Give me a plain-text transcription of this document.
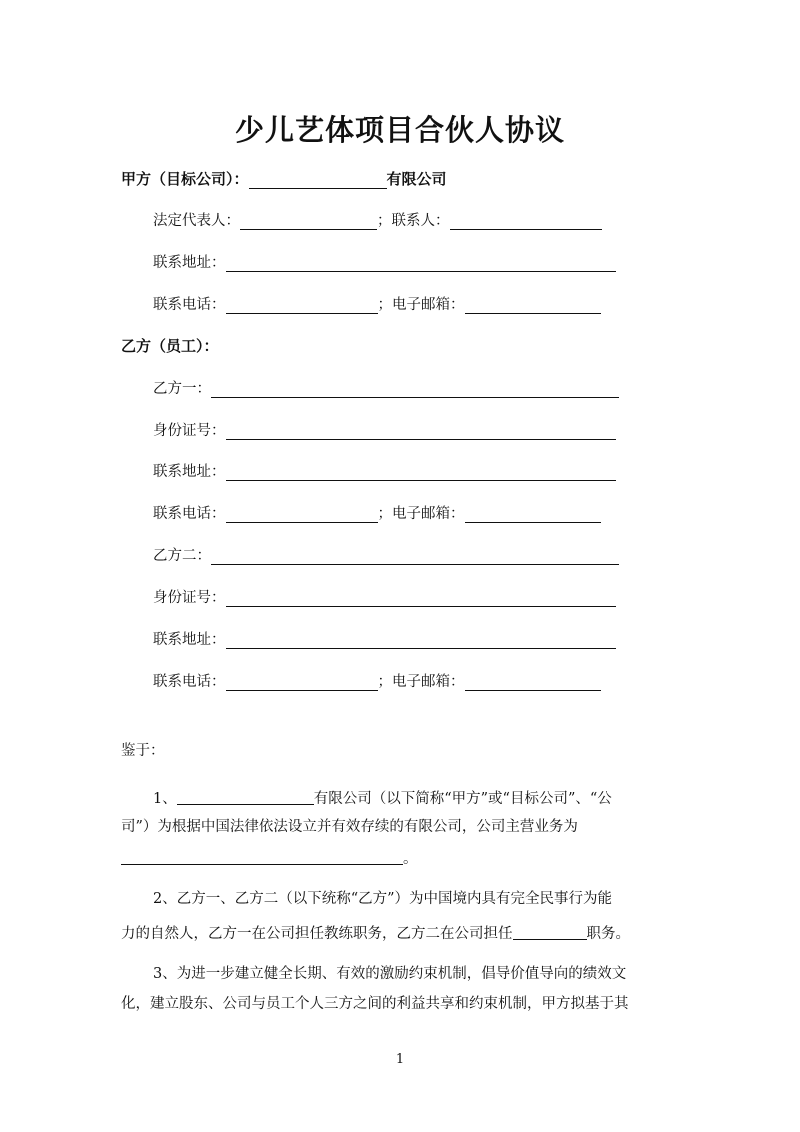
少儿艺体项目合伙人协议
甲方（目标公司）：	有限公司
法定代表人：	；联系人：
联系地址：
联系电话：	；电子邮箱：
乙方（员工）：
乙方一：
身份证号：
联系地址：
联系电话：	；电子邮箱：
乙方二：
身份证号：
联系地址：
联系电话：	；电子邮箱：
鉴于：
1、	有限公司（以下简称“甲方”或“目标公司”、“公
司”）为根据中国法律依法设立并有效存续的有限公司，公司主营业务为
。
2、乙方一、乙方二（以下统称“乙方”）为中国境内具有完全民事行为能
力的自然人，乙方一在公司担任教练职务，乙方二在公司担任	职务。
3、为进一步建立健全长期、有效的激励约束机制，倡导价值导向的绩效文
化，建立股东、公司与员工个人三方之间的利益共享和约束机制，甲方拟基于其
1
